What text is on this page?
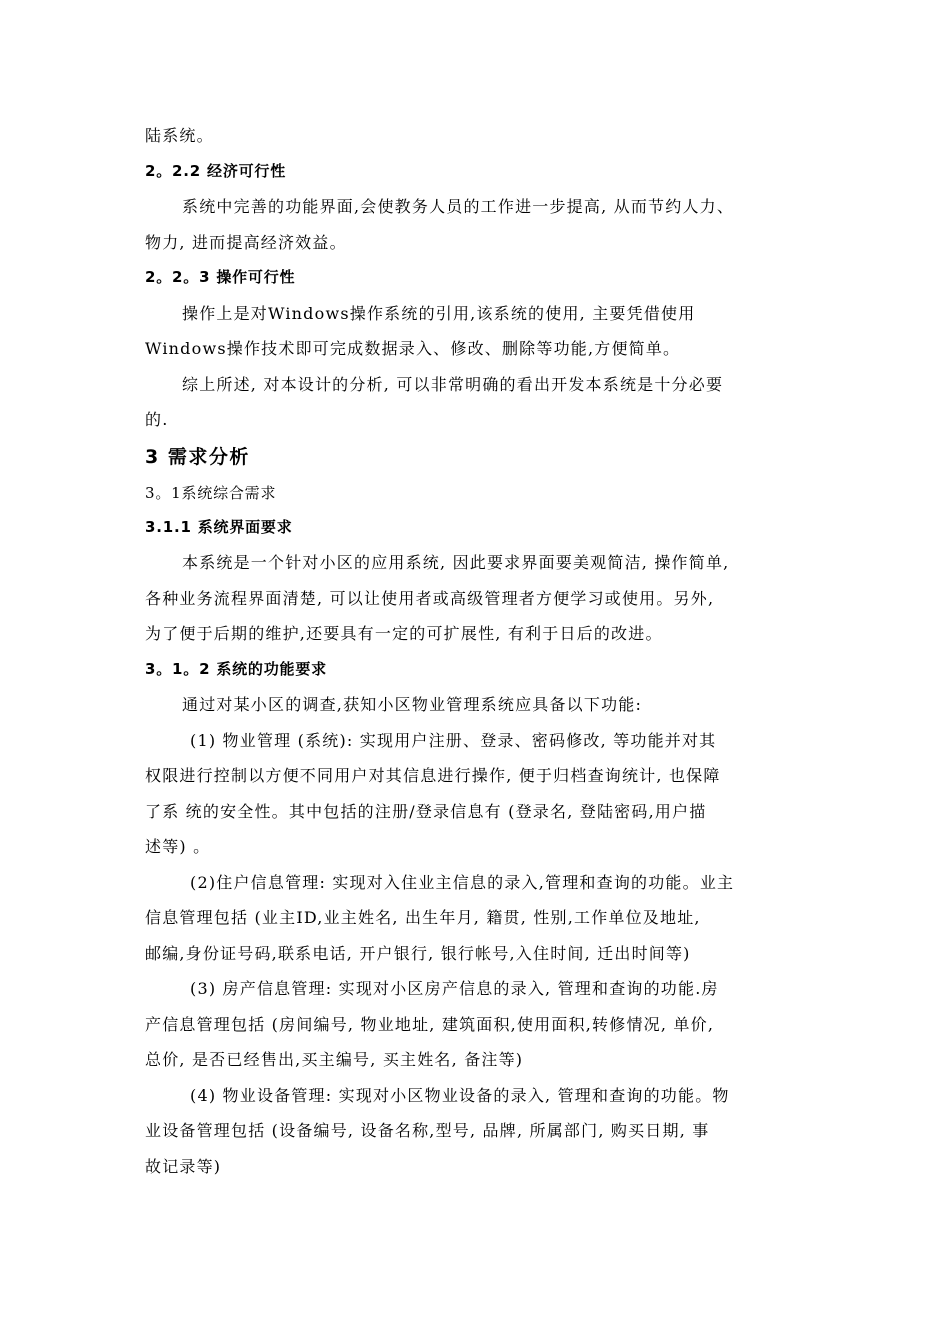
陆系统。
2。2.2 经济可行性
系统中完善的功能界面,会使教务人员的工作进一步提高, 从而节约人力、
物力, 进而提高经济效益。
2。2。3 操作可行性
操作上是对Windows操作系统的引用,该系统的使用, 主要凭借使用
Windows操作技术即可完成数据录入、修改、删除等功能,方便简单。
综上所述, 对本设计的分析, 可以非常明确的看出开发本系统是十分必要
的.
3 需求分析
3。1系统综合需求
3.1.1 系统界面要求
本系统是一个针对小区的应用系统, 因此要求界面要美观简洁, 操作简单,
各种业务流程界面清楚, 可以让使用者或高级管理者方便学习或使用。另外,
为了便于后期的维护,还要具有一定的可扩展性, 有利于日后的改进。
3。1。2 系统的功能要求
通过对某小区的调查,获知小区物业管理系统应具备以下功能:
(1) 物业管理 (系统): 实现用户注册、登录、密码修改, 等功能并对其
权限进行控制以方便不同用户对其信息进行操作, 便于归档查询统计, 也保障
了系 统的安全性。其中包括的注册/登录信息有 (登录名, 登陆密码,用户描
述等) 。
(2)住户信息管理: 实现对入住业主信息的录入,管理和查询的功能。业主
信息管理包括 (业主ID,业主姓名, 出生年月, 籍贯, 性别,工作单位及地址,
邮编,身份证号码,联系电话, 开户银行, 银行帐号,入住时间, 迁出时间等)
(3) 房产信息管理: 实现对小区房产信息的录入, 管理和查询的功能.房
产信息管理包括 (房间编号, 物业地址, 建筑面积,使用面积,转修情况, 单价,
总价, 是否已经售出,买主编号, 买主姓名, 备注等)
(4) 物业设备管理: 实现对小区物业设备的录入, 管理和查询的功能。物
业设备管理包括 (设备编号, 设备名称,型号, 品牌, 所属部门, 购买日期, 事
故记录等)
